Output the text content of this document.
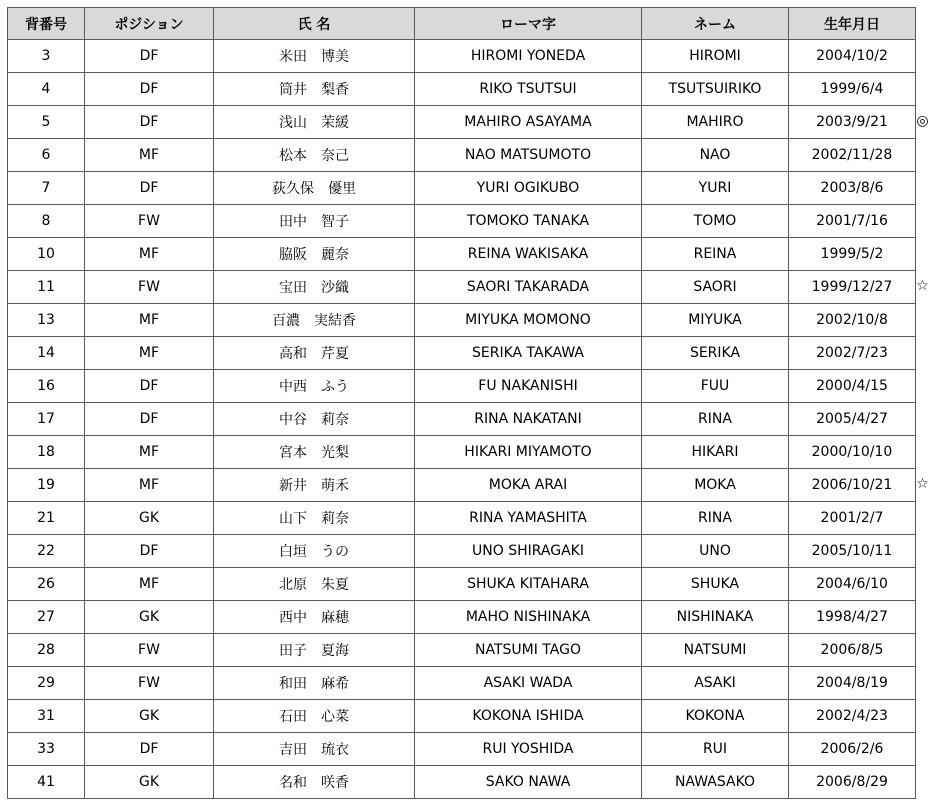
背番号	ポジション	氏 名	ローマ字	ネーム	生年月日
3	DF	米田　博美	HIROMI YONEDA	HIROMI	2004/10/2
4	DF	筒井　梨香	RIKO TSUTSUI	TSUTSUIRIKO	1999/6/4
5	DF	浅山　茉緩	MAHIRO ASAYAMA	MAHIRO	2003/9/21
6	MF	松本　奈己	NAO MATSUMOTO	NAO	2002/11/28
7	DF	荻久保　優里	YURI OGIKUBO	YURI	2003/8/6
8	FW	田中　智子	TOMOKO TANAKA	TOMO	2001/7/16
10	MF	脇阪　麗奈	REINA WAKISAKA	REINA	1999/5/2
11	FW	宝田　沙織	SAORI TAKARADA	SAORI	1999/12/27
13	MF	百濃　実結香	MIYUKA MOMONO	MIYUKA	2002/10/8
14	MF	高和　芹夏	SERIKA TAKAWA	SERIKA	2002/7/23
16	DF	中西　ふう	FU NAKANISHI	FUU	2000/4/15
17	DF	中谷　莉奈	RINA NAKATANI	RINA	2005/4/27
18	MF	宮本　光梨	HIKARI MIYAMOTO	HIKARI	2000/10/10
19	MF	新井　萌禾	MOKA ARAI	MOKA	2006/10/21
21	GK	山下　莉奈	RINA YAMASHITA	RINA	2001/2/7
22	DF	白垣　うの	UNO SHIRAGAKI	UNO	2005/10/11
26	MF	北原　朱夏	SHUKA KITAHARA	SHUKA	2004/6/10
27	GK	西中　麻穂	MAHO NISHINAKA	NISHINAKA	1998/4/27
28	FW	田子　夏海	NATSUMI TAGO	NATSUMI	2006/8/5
29	FW	和田　麻希	ASAKI WADA	ASAKI	2004/8/19
31	GK	石田　心菜	KOKONA ISHIDA	KOKONA	2002/4/23
33	DF	吉田　琉衣	RUI YOSHIDA	RUI	2006/2/6
41	GK	名和　咲香	SAKO NAWA	NAWASAKO	2006/8/29
◎
☆
☆
